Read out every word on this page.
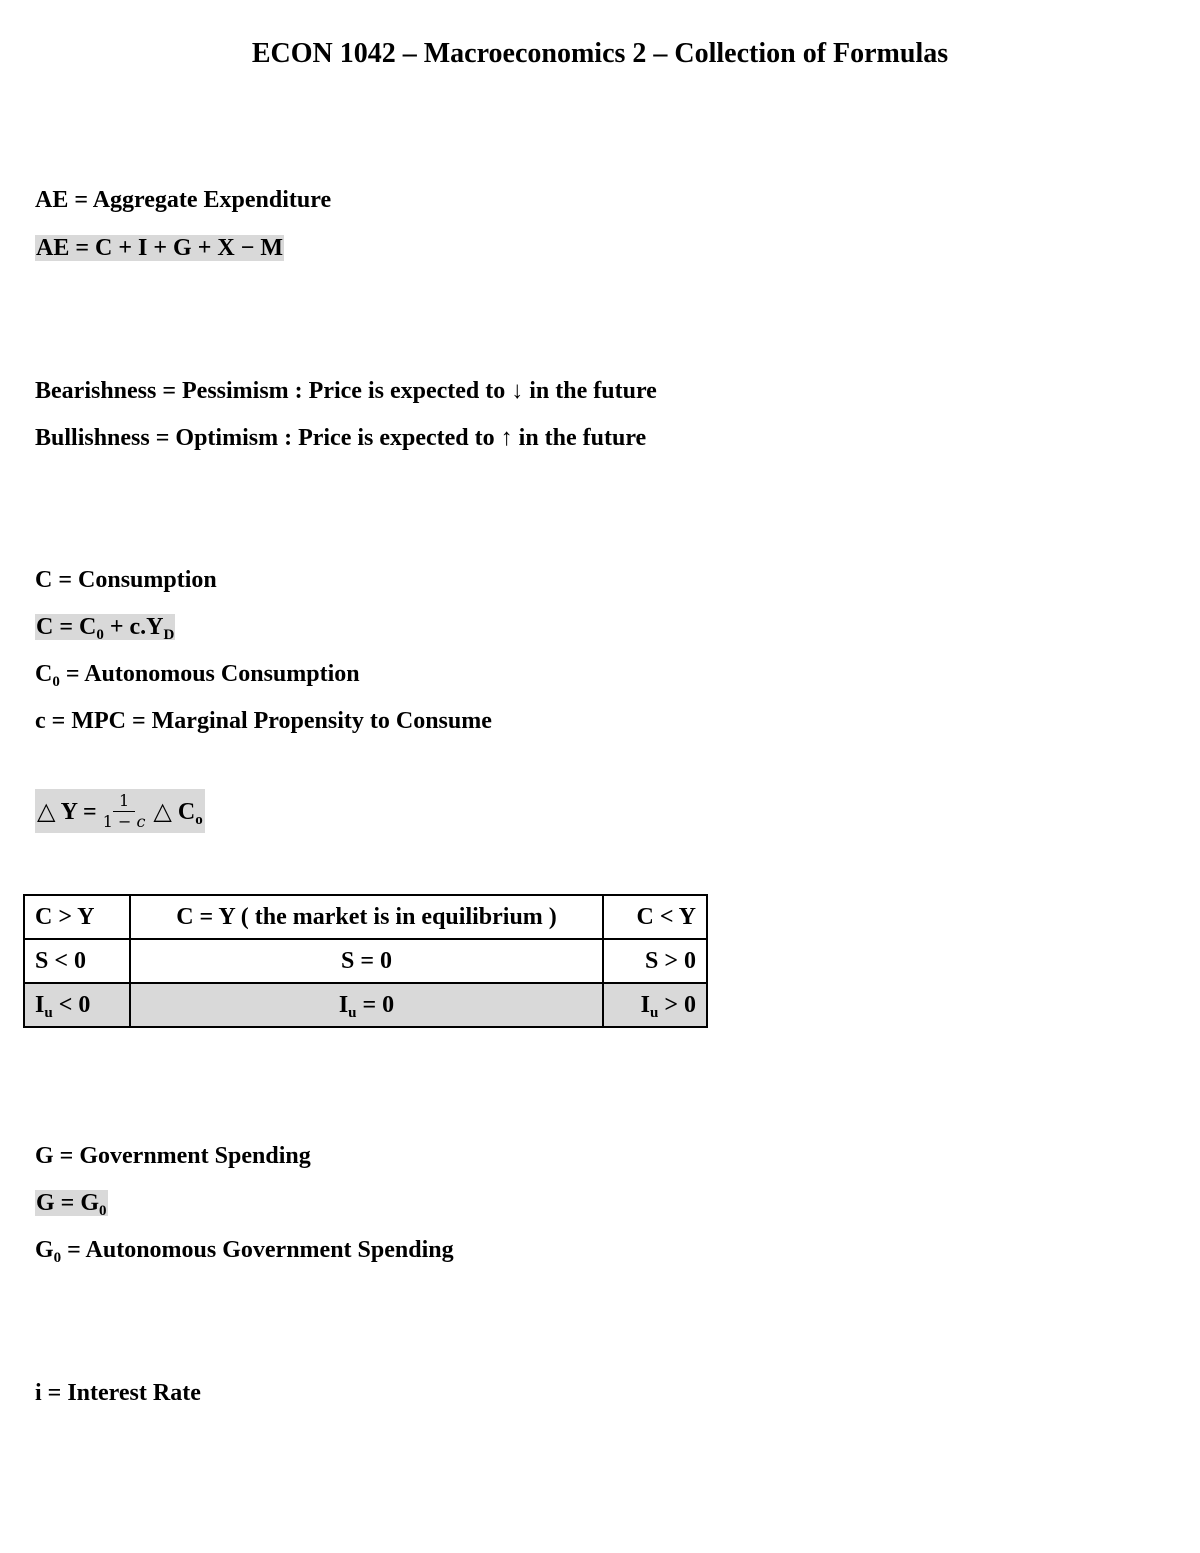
ECON 1042 – Macroeconomics 2 – Collection of Formulas
AE = Aggregate Expenditure
AE = C + I + G + X − M
Bearishness = Pessimism : Price is expected to ↓ in the future
Bullishness = Optimism : Price is expected to ↑ in the future
C = Consumption
$C = C_0 + c.Y_D$
$C_0$ = Autonomous Consumption
c = MPC = Marginal Propensity to Consume
△ $Y = \frac{1}{1 - c}$ △ $C_o$
C > Y	C = Y ( the market is in equilibrium )	C < Y
S < 0	S = 0	S > 0
$I_u < 0$	$I_u = 0$	$I_u > 0$
G = Government Spending
$G = G_0$
$G_0$ = Autonomous Government Spending
i = Interest Rate
